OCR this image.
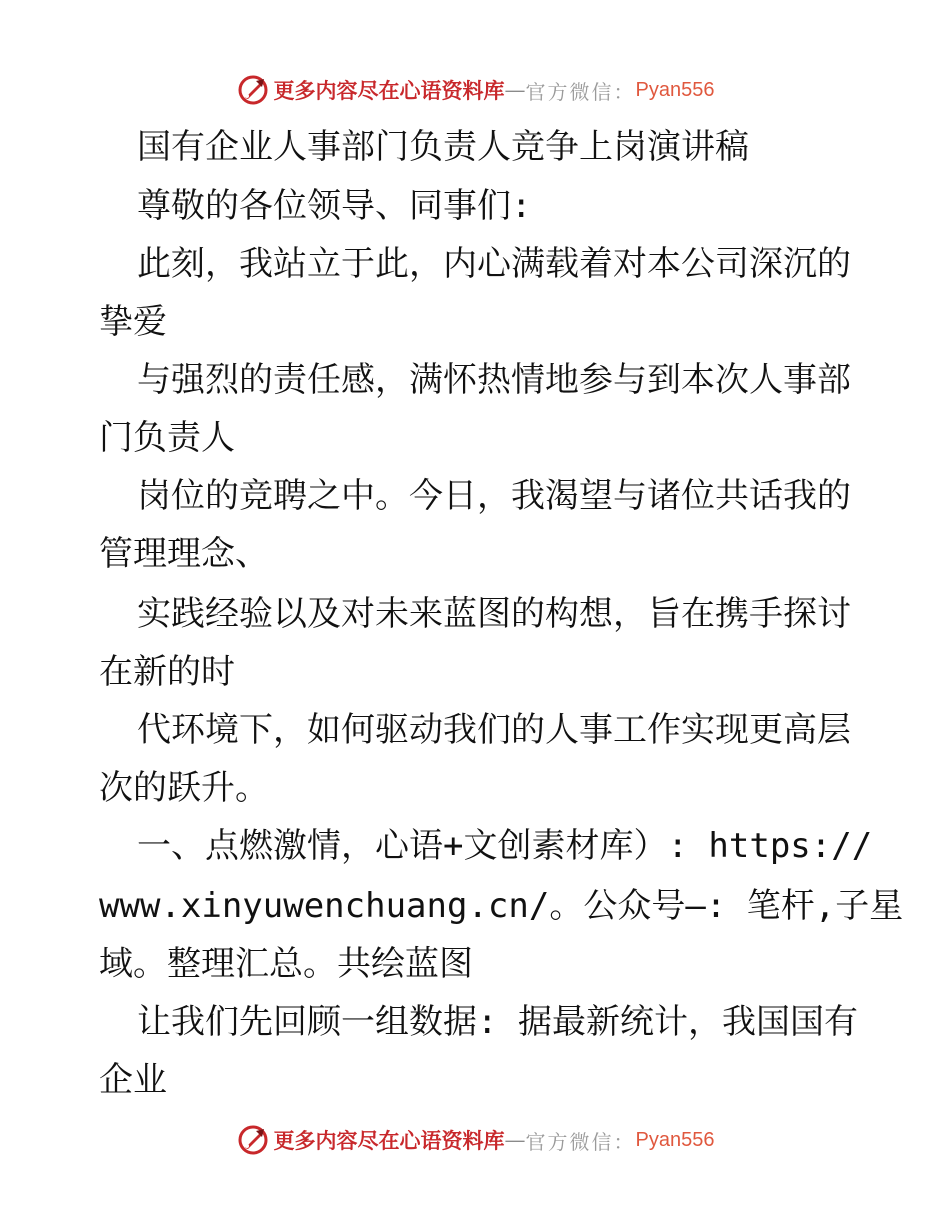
更多内容尽在心语资料库 — 官方微信： Pyan556
国有企业人事部门负责人竞争上岗演讲稿
尊敬的各位领导、同事们:
此刻，我站立于此，内心满载着对本公司深沉的
挚爱
与强烈的责任感，满怀热情地参与到本次人事部
门负责人
岗位的竞聘之中。今日，我渴望与诸位共话我的
管理理念、
实践经验以及对未来蓝图的构想，旨在携手探讨
在新的时
代环境下，如何驱动我们的人事工作实现更高层
次的跃升。
一、点燃激情，心语+文创素材库）: https://
www.xinyuwenchuang.cn/。公众号—: 笔杆,子星
域。整理汇总。共绘蓝图
让我们先回顾一组数据: 据最新统计，我国国有
企业
更多内容尽在心语资料库 — 官方微信： Pyan556
